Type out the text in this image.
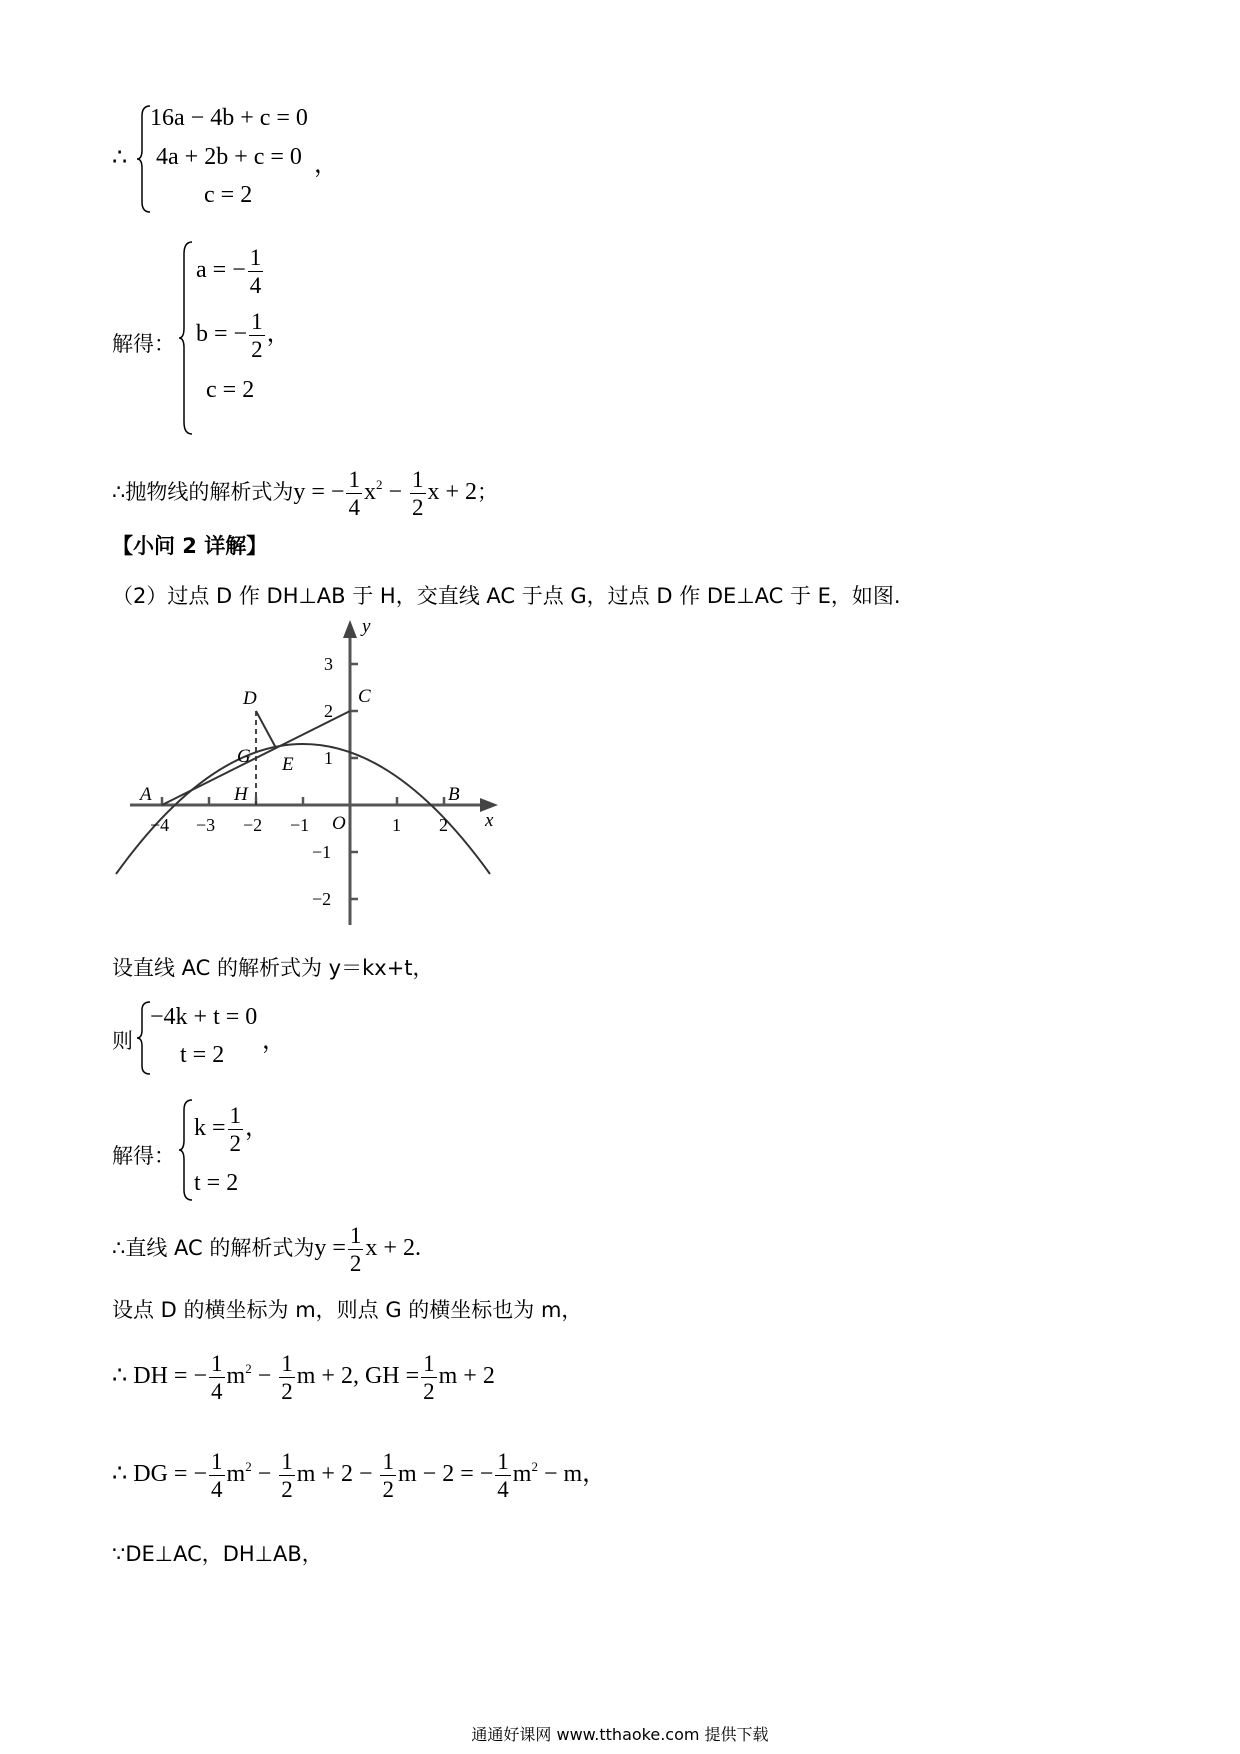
∴
16a − 4b + c = 0
4a + 2b + c = 0 ，
c = 2
解得：
a = − $\frac{1}{4}$
b = − $\frac{1}{2}$ ，
c = 2
∴抛物线的解析式为y = − $\frac{1}{4} x^2 - \frac{1}{2}$ x + 2；
【小问 2 详解】
（2）过点 D 作 DH⊥AB 于 H，交直线 AC 于点 G，过点 D 作 DE⊥AC 于 E，如图.
−4 −3 −2 −1	1 2
3
2
1
−1
−2
x
y
O
A	B
C
D
E
G
H
设直线 AC 的解析式为 y＝kx+t，
则
−4k + t = 0
，
t = 2
解得：
$k = \frac{1}{2}$ ，
t = 2
∴直线 AC 的解析式为$y = \frac{1}{2}$ x + 2.
设点 D 的横坐标为 m，则点 G 的横坐标也为 m，
∴ DH = − $\frac{1}{4} m^2 - \frac{1}{2}$ m + 2, GH = $\frac{1}{2}$ m + 2
∴ DG = − $\frac{1}{4} m^2 - \frac{1}{2}$ $m + 2 - \frac{1}{2}$ m − 2 = − $\frac{1}{4} m^2 - m$，
∵DE⊥AC，DH⊥AB，
通通好课网 www.tthaoke.com 提供下载
